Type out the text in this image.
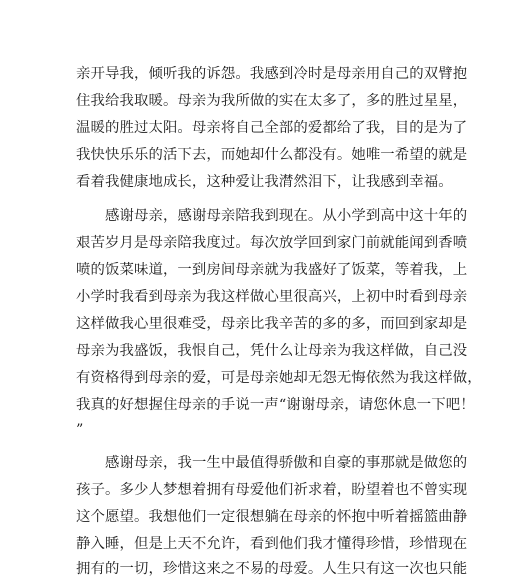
亲开导我，倾听我的诉怨。我感到冷时是母亲用自己的双臂抱
住我给我取暖。母亲为我所做的实在太多了，多的胜过星星，
温暖的胜过太阳。母亲将自己全部的爱都给了我，目的是为了
我快快乐乐的活下去，而她却什么都没有。她唯一希望的就是
看着我健康地成长，这种爱让我潸然泪下，让我感到幸福。
感谢母亲，感谢母亲陪我到现在。从小学到高中这十年的
艰苦岁月是母亲陪我度过。每次放学回到家门前就能闻到香喷
喷的饭菜味道，一到房间母亲就为我盛好了饭菜，等着我，上
小学时我看到母亲为我这样做心里很高兴，上初中时看到母亲
这样做我心里很难受，母亲比我辛苦的多的多，而回到家却是
母亲为我盛饭，我恨自己，凭什么让母亲为我这样做，自己没
有资格得到母亲的爱，可是母亲她却无怨无悔依然为我这样做，
我真的好想握住母亲的手说一声“谢谢母亲，请您休息一下吧！
”
感谢母亲，我一生中最值得骄傲和自豪的事那就是做您的
孩子。多少人梦想着拥有母爱他们祈求着，盼望着也不曾实现
这个愿望。我想他们一定很想躺在母亲的怀抱中听着摇篮曲静
静入睡，但是上天不允许，看到他们我才懂得珍惜，珍惜现在
拥有的一切，珍惜这来之不易的母爱。人生只有这一次也只能
